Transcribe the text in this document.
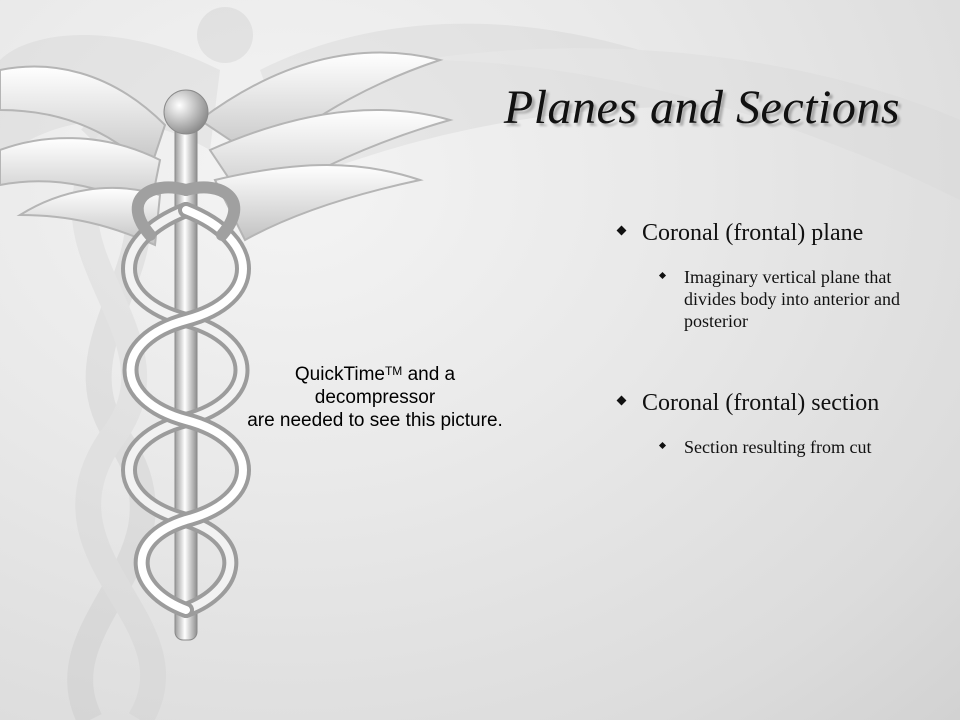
Planes and Sections
QuickTime™ and a
decompressor
are needed to see this picture.
Coronal (frontal) plane
Imaginary vertical plane that divides body into anterior and posterior
Coronal (frontal) section
Section resulting from cut
